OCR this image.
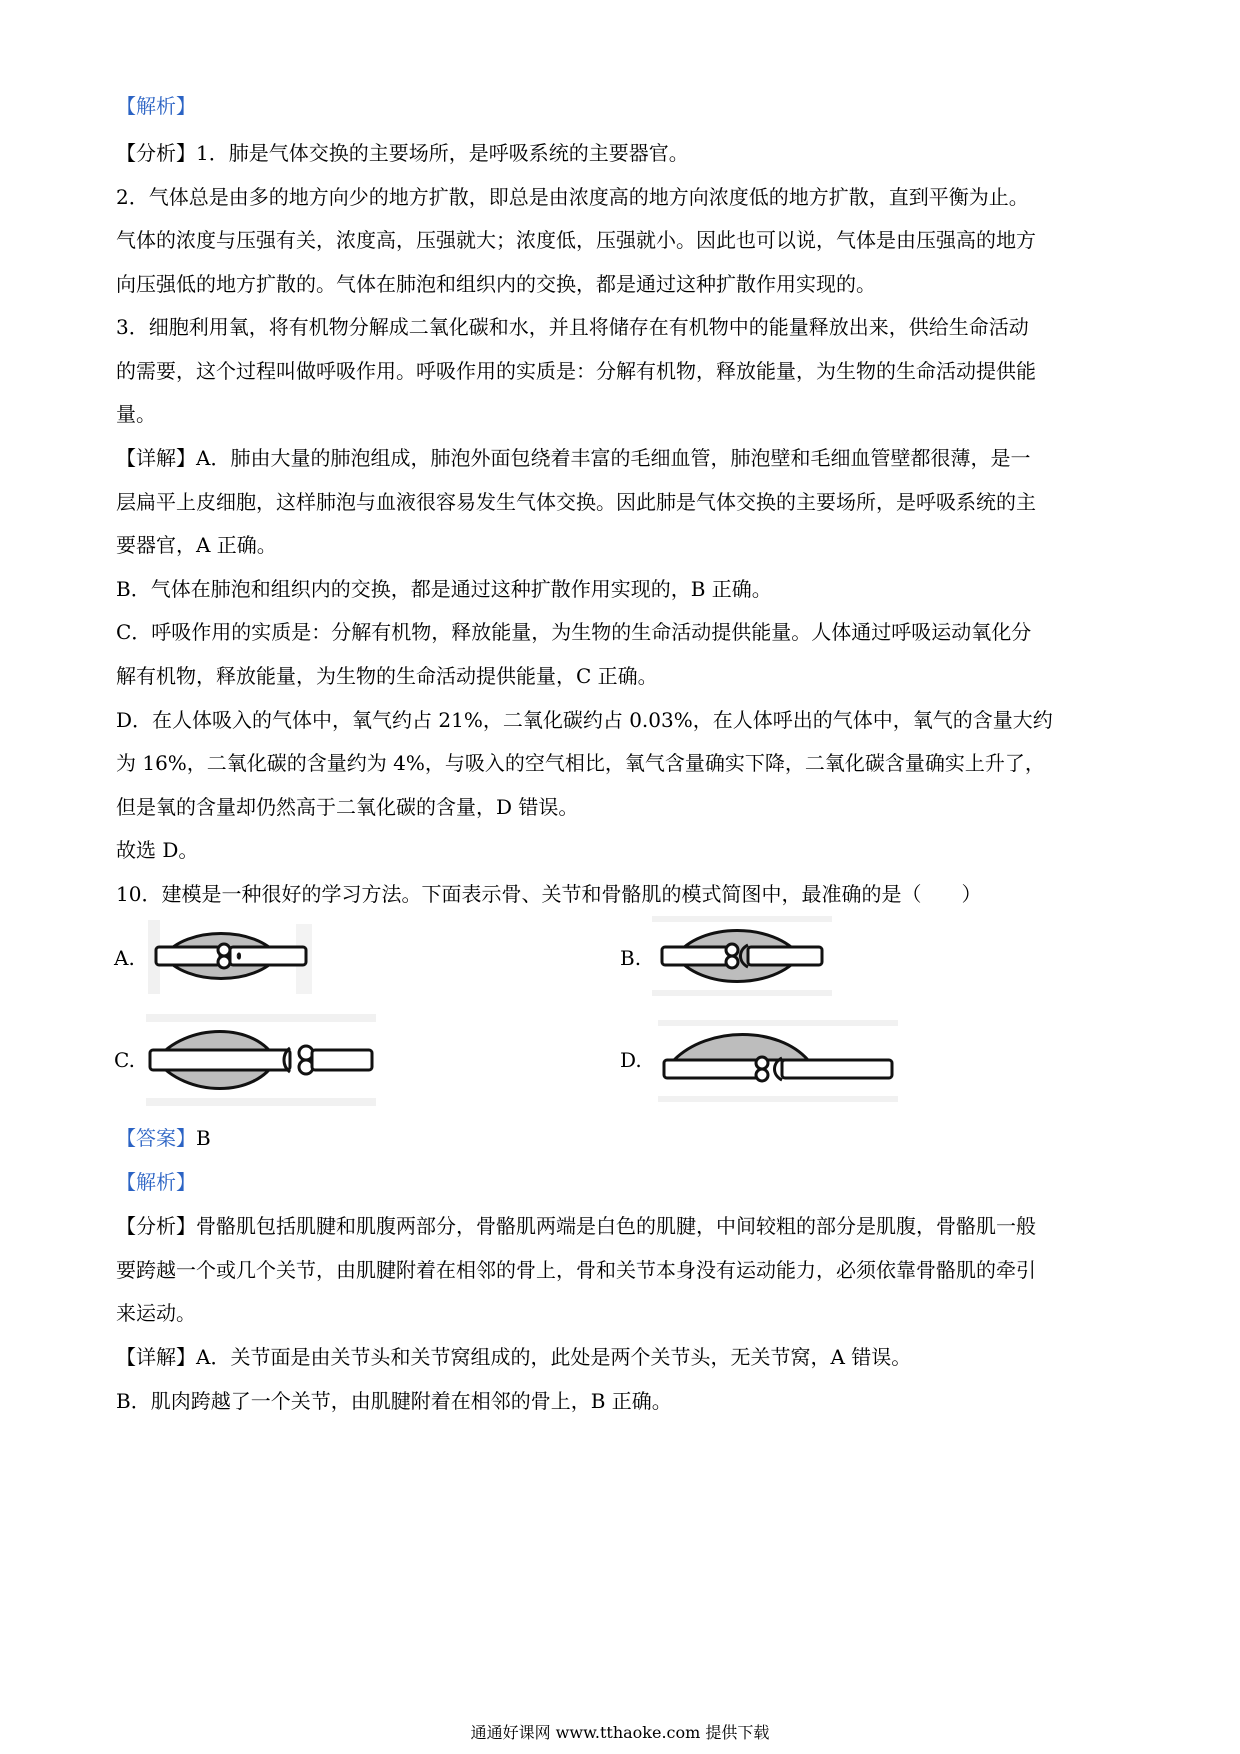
【解析】
【分析】1．肺是气体交换的主要场所，是呼吸系统的主要器官。
2．气体总是由多的地方向少的地方扩散，即总是由浓度高的地方向浓度低的地方扩散，直到平衡为止。
气体的浓度与压强有关，浓度高，压强就大；浓度低，压强就小。因此也可以说，气体是由压强高的地方
向压强低的地方扩散的。气体在肺泡和组织内的交换，都是通过这种扩散作用实现的。
3．细胞利用氧，将有机物分解成二氧化碳和水，并且将储存在有机物中的能量释放出来，供给生命活动
的需要，这个过程叫做呼吸作用。呼吸作用的实质是：分解有机物，释放能量，为生物的生命活动提供能
量。
【详解】A．肺由大量的肺泡组成，肺泡外面包绕着丰富的毛细血管，肺泡壁和毛细血管壁都很薄，是一
层扁平上皮细胞，这样肺泡与血液很容易发生气体交换。因此肺是气体交换的主要场所，是呼吸系统的主
要器官，A 正确。
B．气体在肺泡和组织内的交换，都是通过这种扩散作用实现的，B 正确。
C．呼吸作用的实质是：分解有机物，释放能量，为生物的生命活动提供能量。人体通过呼吸运动氧化分
解有机物，释放能量，为生物的生命活动提供能量，C 正确。
D．在人体吸入的气体中，氧气约占 21%，二氧化碳约占 0.03%，在人体呼出的气体中，氧气的含量大约
为 16%，二氧化碳的含量约为 4%，与吸入的空气相比，氧气含量确实下降，二氧化碳含量确实上升了，
但是氧的含量却仍然高于二氧化碳的含量，D 错误。
故选 D。
10．建模是一种很好的学习方法。下面表示骨、关节和骨骼肌的模式简图中，最准确的是（　　）
A.	B.
C.	D.
【答案】B
【解析】
【分析】骨骼肌包括肌腱和肌腹两部分，骨骼肌两端是白色的肌腱，中间较粗的部分是肌腹，骨骼肌一般
要跨越一个或几个关节，由肌腱附着在相邻的骨上，骨和关节本身没有运动能力，必须依靠骨骼肌的牵引
来运动。
【详解】A．关节面是由关节头和关节窝组成的，此处是两个关节头，无关节窝，A 错误。
B．肌肉跨越了一个关节，由肌腱附着在相邻的骨上，B 正确。
通通好课网 www.tthaoke.com 提供下载
